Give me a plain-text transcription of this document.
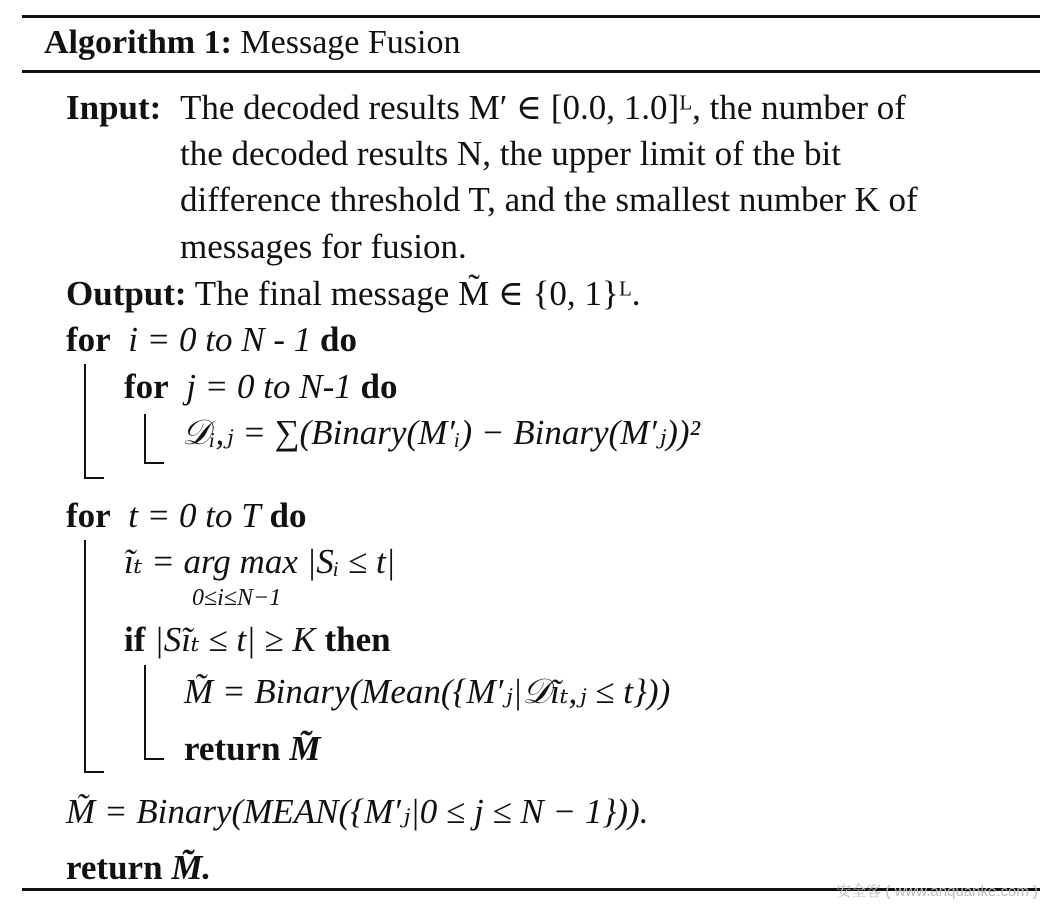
Algorithm 1: Message Fusion
Input: The decoded results M′ ∈ [0.0, 1.0]ᴸ, the number of
the decoded results N, the upper limit of the bit
difference threshold T, and the smallest number K of
messages for fusion.
Output: The final message M̃ ∈ {0, 1}ᴸ.
for i = 0 to N - 1 do
for j = 0 to N-1 do
𝒟ᵢ,ⱼ = ∑(Binary(M′ᵢ) − Binary(M′ⱼ))²
for t = 0 to T do
ĩₜ = arg max |Sᵢ ≤ t|
0≤i≤N−1
if |Sĩₜ ≤ t| ≥ K then
M̃ = Binary(Mean({M′ⱼ|𝒟ĩₜ,ⱼ ≤ t}))
return M̃
M̃ = Binary(MEAN({M′ⱼ|0 ≤ j ≤ N − 1})).
return M̃.
安全客 ( www.anquanke.com )
